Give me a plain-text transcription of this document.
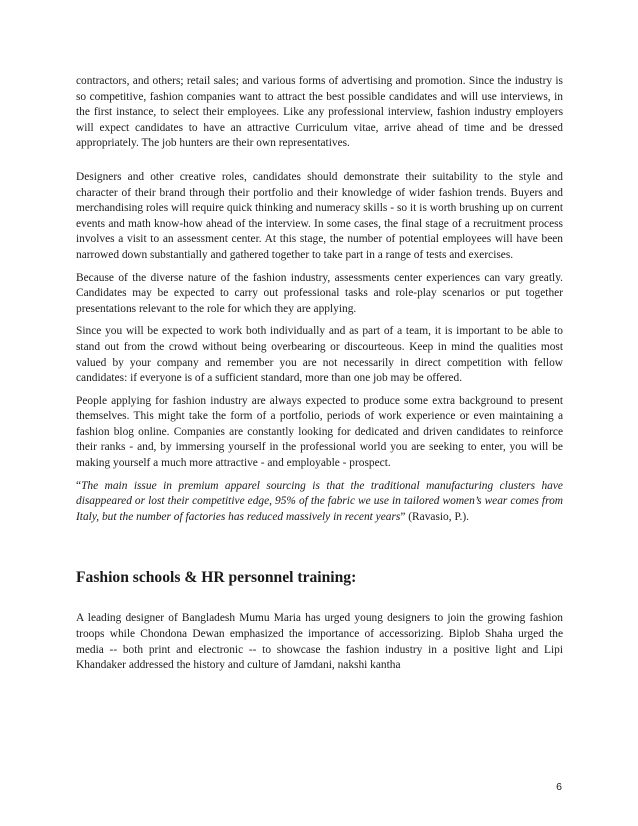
contractors, and others; retail sales; and various forms of advertising and promotion. Since the industry is so competitive, fashion companies want to attract the best possible candidates and will use interviews, in the first instance, to select their employees. Like any professional interview, fashion industry employers will expect candidates to have an attractive Curriculum vitae, arrive ahead of time and be dressed appropriately. The job hunters are their own representatives.

Designers and other creative roles, candidates should demonstrate their suitability to the style and character of their brand through their portfolio and their knowledge of wider fashion trends. Buyers and merchandising roles will require quick thinking and numeracy skills - so it is worth brushing up on current events and math know-how ahead of the interview. In some cases, the final stage of a recruitment process involves a visit to an assessment center. At this stage, the number of potential employees will have been narrowed down substantially and gathered together to take part in a range of tests and exercises.

Because of the diverse nature of the fashion industry, assessments center experiences can vary greatly. Candidates may be expected to carry out professional tasks and role-play scenarios or put together presentations relevant to the role for which they are applying.

Since you will be expected to work both individually and as part of a team, it is important to be able to stand out from the crowd without being overbearing or discourteous. Keep in mind the qualities most valued by your company and remember you are not necessarily in direct competition with fellow candidates: if everyone is of a sufficient standard, more than one job may be offered.

People applying for fashion industry are always expected to produce some extra background to present themselves. This might take the form of a portfolio, periods of work experience or even maintaining a fashion blog online. Companies are constantly looking for dedicated and driven candidates to reinforce their ranks - and, by immersing yourself in the professional world you are seeking to enter, you will be making yourself a much more attractive - and employable - prospect.

“The main issue in premium apparel sourcing is that the traditional manufacturing clusters have disappeared or lost their competitive edge, 95% of the fabric we use in tailored women’s wear comes from Italy, but the number of factories has reduced massively in recent years” (Ravasio, P.).

Fashion schools & HR personnel training:

A leading designer of Bangladesh Mumu Maria has urged young designers to join the growing fashion troops while Chondona Dewan emphasized the importance of accessorizing. Biplob Shaha urged the media -- both print and electronic -- to showcase the fashion industry in a positive light and Lipi Khandaker addressed the history and culture of Jamdani, nakshi kantha

6
